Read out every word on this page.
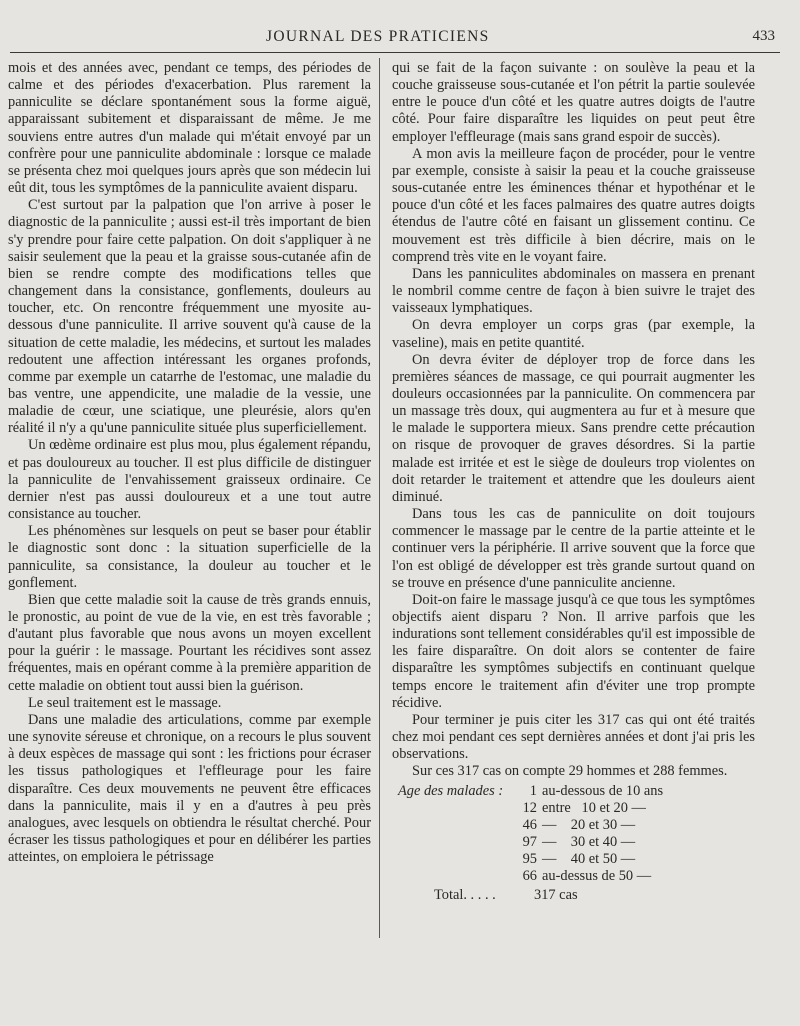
JOURNAL DES PRATICIENS	433

mois et des années avec, pendant ce temps, des périodes de calme et des périodes d'exacerbation. Plus rarement la panniculite se déclare spontanément sous la forme aiguë, apparaissant subitement et disparaissant de même. Je me souviens entre autres d'un malade qui m'était envoyé par un confrère pour une panniculite abdominale : lorsque ce malade se présenta chez moi quelques jours après que son médecin lui eût dit, tous les symptômes de la panniculite avaient disparu.

C'est surtout par la palpation que l'on arrive à poser le diagnostic de la panniculite ; aussi est-il très important de bien s'y prendre pour faire cette palpation. On doit s'appliquer à ne saisir seulement que la peau et la graisse sous-cutanée afin de bien se rendre compte des modifications telles que changement dans la consistance, gonflements, douleurs au toucher, etc. On rencontre fréquemment une myosite au-dessous d'une panniculite. Il arrive souvent qu'à cause de la situation de cette maladie, les médecins, et surtout les malades redoutent une affection intéressant les organes profonds, comme par exemple un catarrhe de l'estomac, une maladie du bas ventre, une appendicite, une maladie de la vessie, une maladie de cœur, une sciatique, une pleurésie, alors qu'en réalité il n'y a qu'une panniculite située plus superficiellement.

Un œdème ordinaire est plus mou, plus également répandu, et pas douloureux au toucher. Il est plus difficile de distinguer la panniculite de l'envahissement graisseux ordinaire. Ce dernier n'est pas aussi douloureux et a une tout autre consistance au toucher.

Les phénomènes sur lesquels on peut se baser pour établir le diagnostic sont donc : la situation superficielle de la panniculite, sa consistance, la douleur au toucher et le gonflement.

Bien que cette maladie soit la cause de très grands ennuis, le pronostic, au point de vue de la vie, en est très favorable ; d'autant plus favorable que nous avons un moyen excellent pour la guérir : le massage. Pourtant les récidives sont assez fréquentes, mais en opérant comme à la première apparition de cette maladie on obtient tout aussi bien la guérison.

Le seul traitement est le massage.

Dans une maladie des articulations, comme par exemple une synovite séreuse et chronique, on a recours le plus souvent à deux espèces de massage qui sont : les frictions pour écraser les tissus pathologiques et l'effleurage pour les faire disparaître. Ces deux mouvements ne peuvent être efficaces dans la panniculite, mais il y en a d'autres à peu près analogues, avec lesquels on obtiendra le résultat cherché. Pour écraser les tissus pathologiques et pour en délibérer les parties atteintes, on emploiera le pétrissage

qui se fait de la façon suivante : on soulève la peau et la couche graisseuse sous-cutanée et l'on pétrit la partie soulevée entre le pouce d'un côté et les quatre autres doigts de l'autre côté. Pour faire disparaître les liquides on peut peut être employer l'effleurage (mais sans grand espoir de succès).

A mon avis la meilleure façon de procéder, pour le ventre par exemple, consiste à saisir la peau et la couche graisseuse sous-cutanée entre les éminences thénar et hypothénar et le pouce d'un côté et les faces palmaires des quatre autres doigts étendus de l'autre côté en faisant un glissement continu. Ce mouvement est très difficile à bien décrire, mais on le comprend très vite en le voyant faire.

Dans les panniculites abdominales on massera en prenant le nombril comme centre de façon à bien suivre le trajet des vaisseaux lymphatiques.

On devra employer un corps gras (par exemple, la vaseline), mais en petite quantité.

On devra éviter de déployer trop de force dans les premières séances de massage, ce qui pourrait augmenter les douleurs occasionnées par la panniculite. On commencera par un massage très doux, qui augmentera au fur et à mesure que le malade le supportera mieux. Sans prendre cette précaution on risque de provoquer de graves désordres. Si la partie malade est irritée et est le siège de douleurs trop violentes on doit retarder le traitement et attendre que les douleurs aient diminué.

Dans tous les cas de panniculite on doit toujours commencer le massage par le centre de la partie atteinte et le continuer vers la périphérie. Il arrive souvent que la force que l'on est obligé de développer est très grande surtout quand on se trouve en présence d'une panniculite ancienne.

Doit-on faire le massage jusqu'à ce que tous les symptômes objectifs aient disparu ? Non. Il arrive parfois que les indurations sont tellement considérables qu'il est impossible de les faire disparaître. On doit alors se contenter de faire disparaître les symptômes subjectifs en continuant quelque temps encore le traitement afin d'éviter une trop prompte récidive.

Pour terminer je puis citer les 317 cas qui ont été traités chez moi pendant ces sept dernières années et dont j'ai pris les observations.

Sur ces 317 cas on compte 29 hommes et 288 femmes.

Age des malades : 1 au-dessous de 10 ans
12 entre   10 et 20 —
46 —    20 et 30 —
97 —    30 et 40 —
95 —    40 et 50 —
66 au-dessus de 50 —
Total. . . . .	317 cas
